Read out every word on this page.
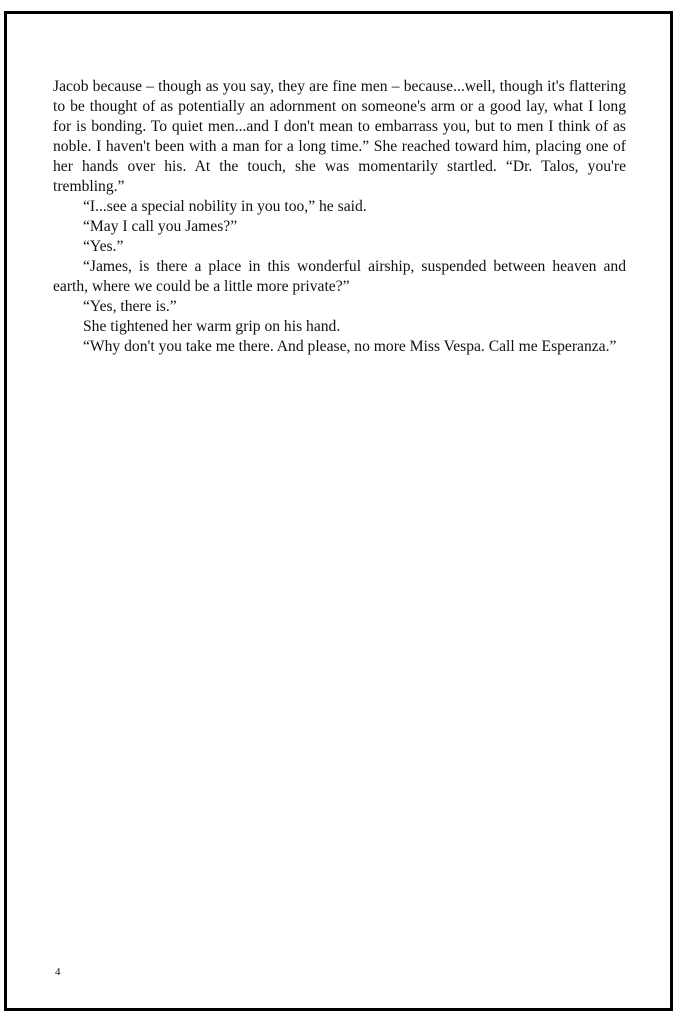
Jacob because – though as you say, they are fine men – because...well, though it's flattering to be thought of as potentially an adornment on someone's arm or a good lay, what I long for is bonding. To quiet men...and I don't mean to embarrass you, but to men I think of as noble. I haven't been with a man for a long time.” She reached toward him, placing one of her hands over his. At the touch, she was momentarily startled. “Dr. Talos, you're trembling.”

“I...see a special nobility in you too,” he said.

“May I call you James?”

“Yes.”

“James, is there a place in this wonderful airship, suspended between heaven and earth, where we could be a little more private?”

“Yes, there is.”

She tightened her warm grip on his hand.

“Why don't you take me there. And please, no more Miss Vespa. Call me Esperanza.”

4
